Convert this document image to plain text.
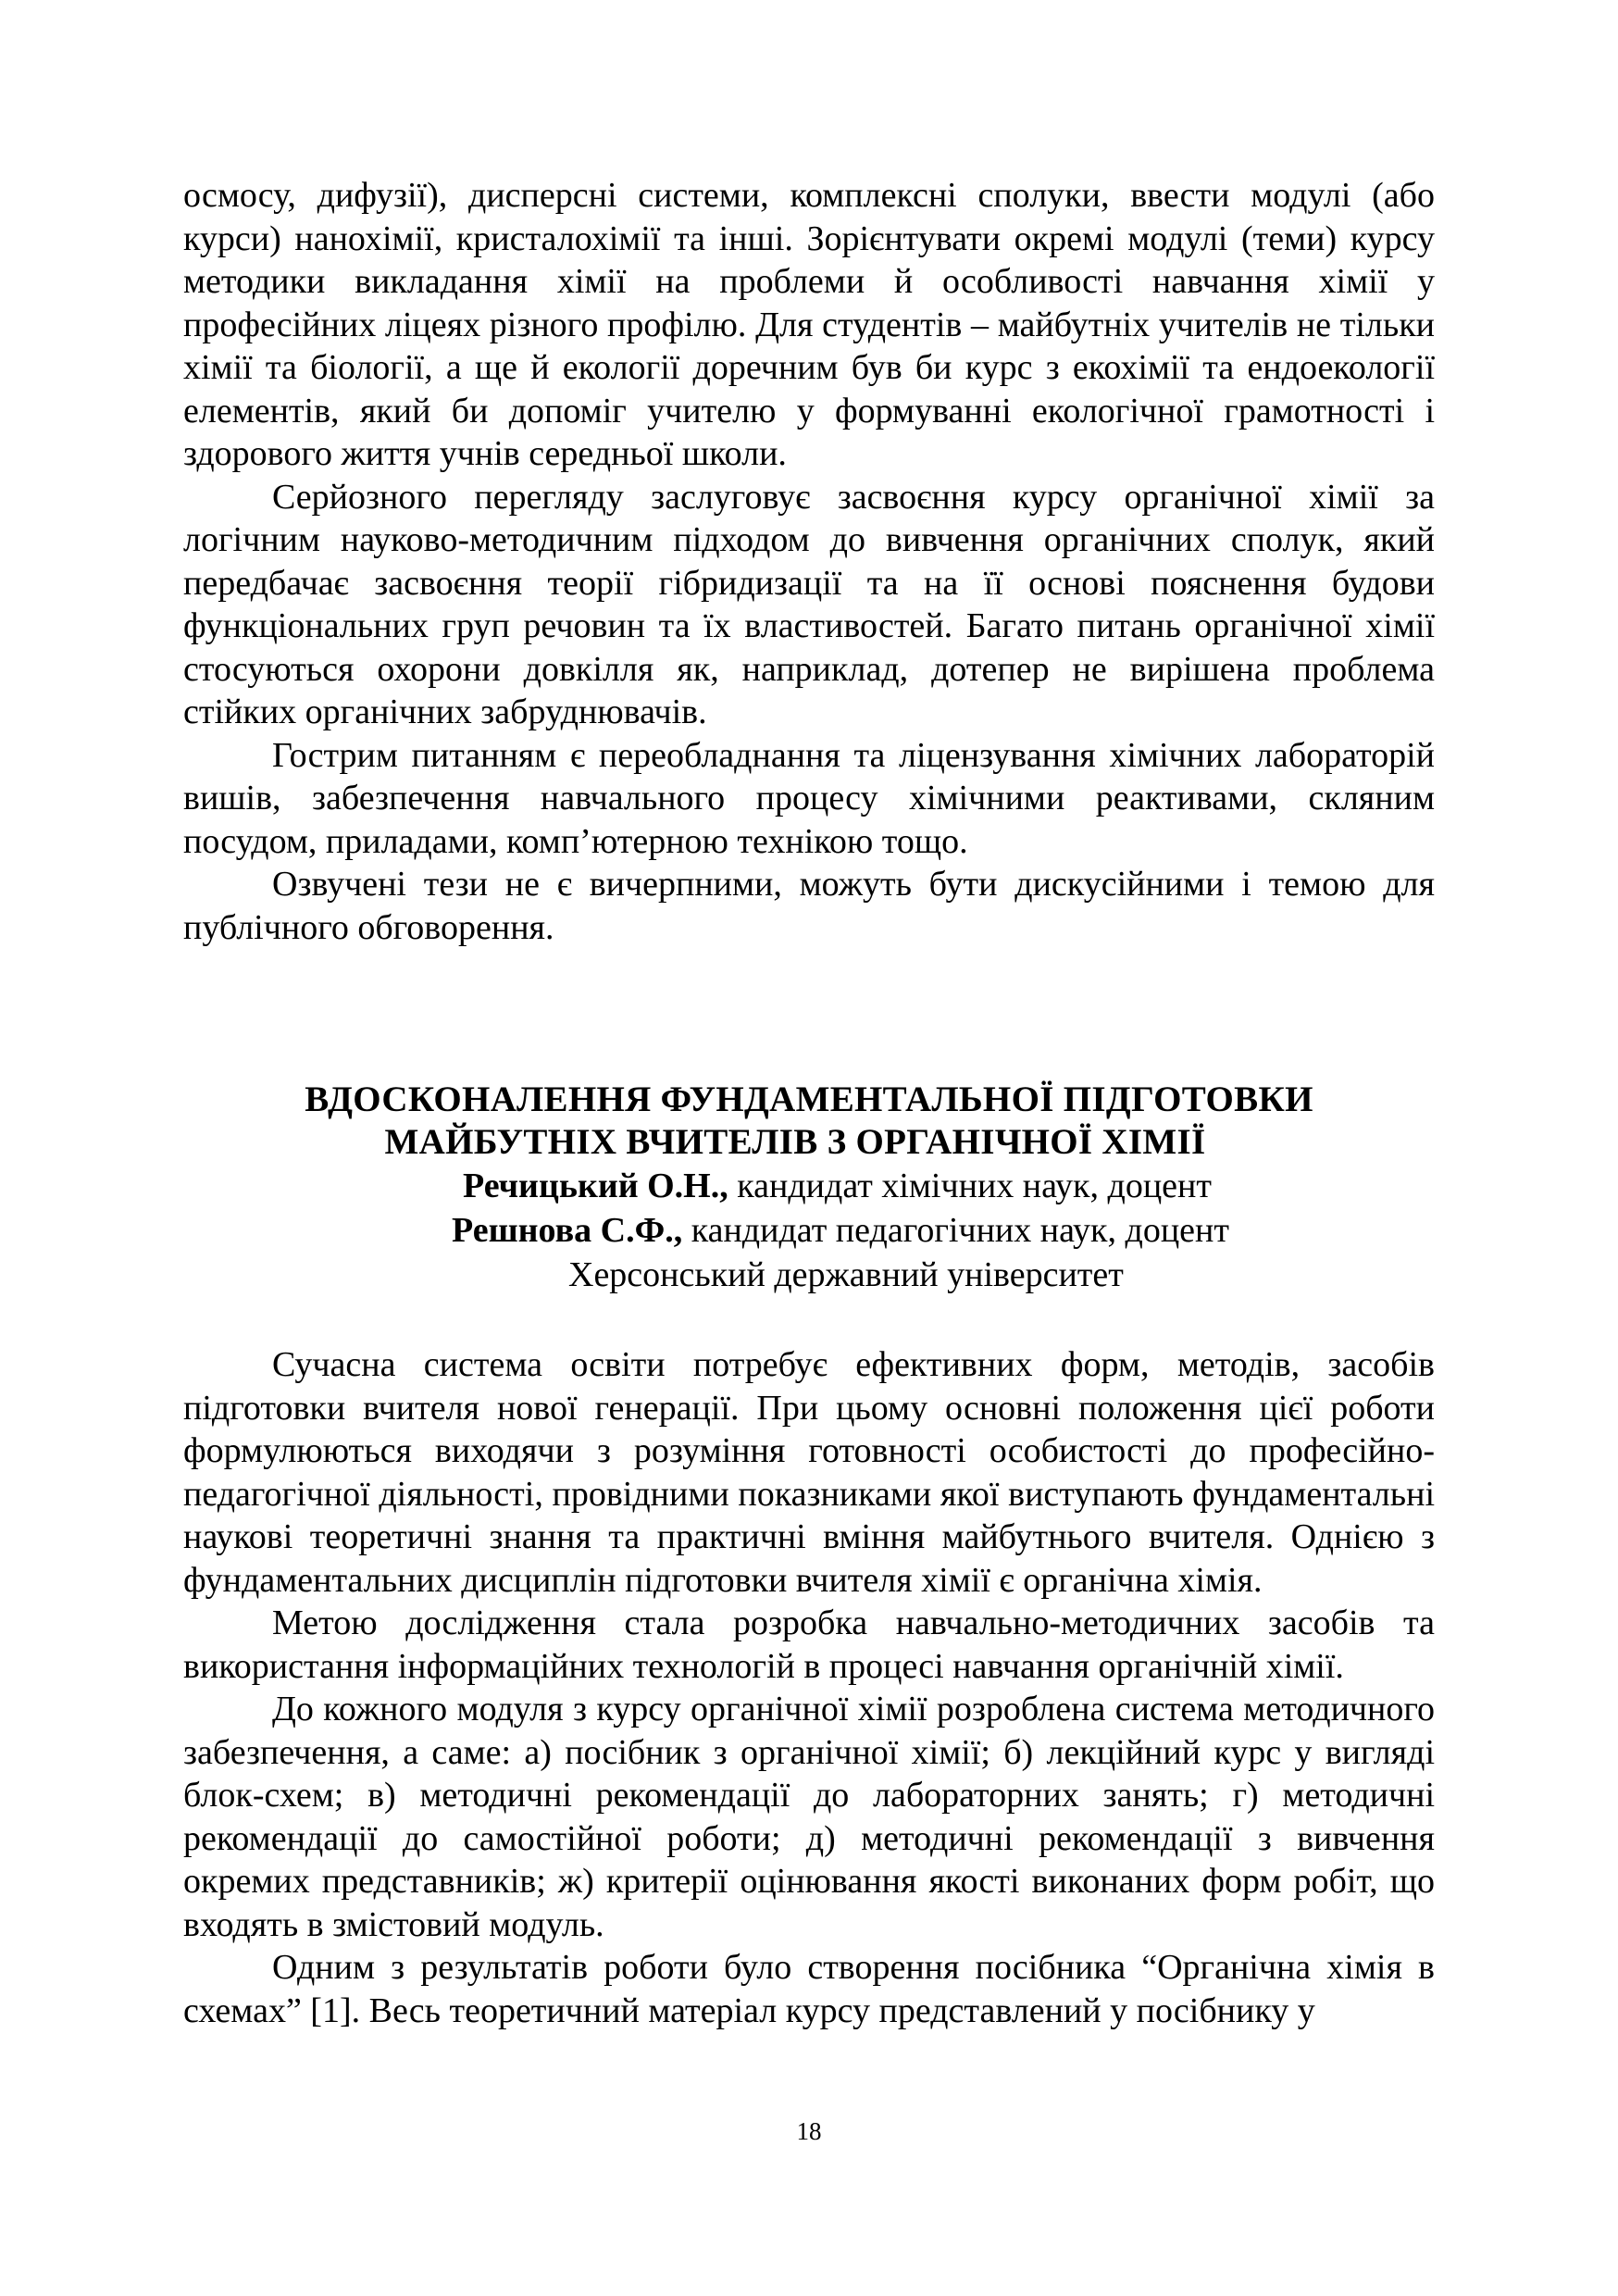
осмосу, дифузії), дисперсні системи, комплексні сполуки, ввести модулі (або курси) нанохімії, кристалохімії та інші. Зорієнтувати окремі модулі (теми) курсу методики викладання хімії на проблеми й особливості навчання хімії у професійних ліцеях різного профілю. Для студентів – майбутніх учителів не тільки хімії та біології, а ще й екології доречним був би курс з екохімії та ендоекології елементів, який би допоміг учителю у формуванні екологічної грамотності і здорового життя учнів середньої школи.

Серйозного перегляду заслуговує засвоєння курсу органічної хімії за логічним науково-методичним підходом до вивчення органічних сполук, який передбачає засвоєння теорії гібридизації та на її основі пояснення будови функціональних груп речовин та їх властивостей. Багато питань органічної хімії стосуються охорони довкілля як, наприклад, дотепер не вирішена проблема стійких органічних забруднювачів.

Гострим питанням є переобладнання та ліцензування хімічних лабораторій вишів, забезпечення навчального процесу хімічними реактивами, скляним посудом, приладами, комп’ютерною технікою тощо.

Озвучені тези не є вичерпними, можуть бути дискусійними і темою для публічного обговорення.

ВДОСКОНАЛЕННЯ ФУНДАМЕНТАЛЬНОЇ ПІДГОТОВКИ
МАЙБУТНІХ ВЧИТЕЛІВ З ОРГАНІЧНОЇ ХІМІЇ

Речицький О.Н., кандидат хімічних наук, доцент

Решнова С.Ф., кандидат педагогічних наук, доцент

Херсонський державний університет

Сучасна система освіти потребує ефективних форм, методів, засобів підготовки вчителя нової генерації. При цьому основні положення цієї роботи формулюються виходячи з розуміння готовності особистості до професійно-педагогічної діяльності, провідними показниками якої виступають фундаментальні наукові теоретичні знання та практичні вміння майбутнього вчителя. Однією з фундаментальних дисциплін підготовки вчителя хімії є органічна хімія.

Метою дослідження стала розробка навчально-методичних засобів та використання інформаційних технологій в процесі навчання органічній хімії.

До кожного модуля з курсу органічної хімії розроблена система методичного забезпечення, а саме: а) посібник з органічної хімії; б) лекційний курс у вигляді блок-схем; в) методичні рекомендації до лабораторних занять; г) методичні рекомендації до самостійної роботи; д) методичні рекомендації з вивчення окремих представників; ж) критерії оцінювання якості виконаних форм робіт, що входять в змістовий модуль.

Одним з результатів роботи було створення посібника “Органічна хімія в схемах” [1]. Весь теоретичний матеріал курсу представлений у посібнику у

18
